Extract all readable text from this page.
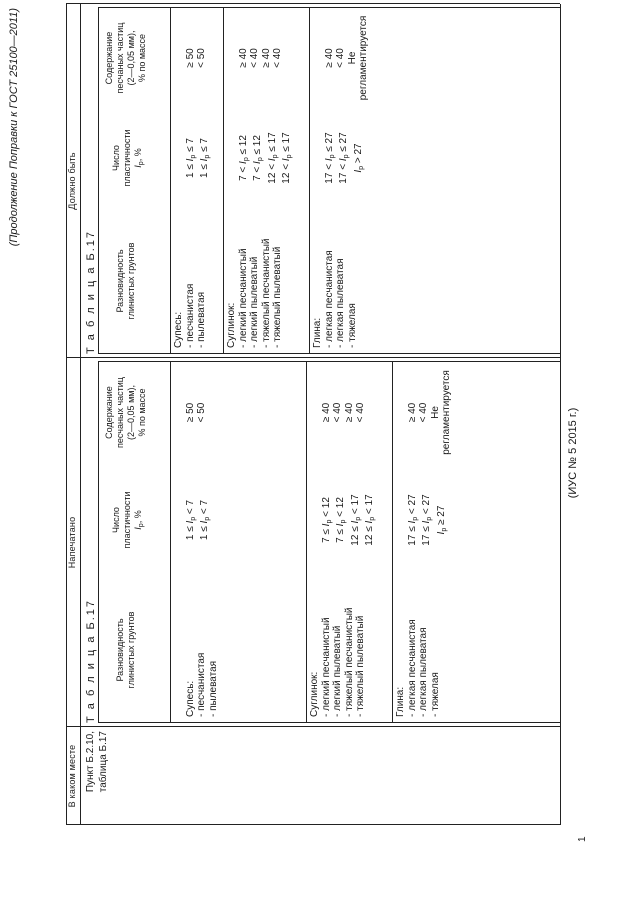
(Продолжение Поправки к ГОСТ 25100—2011)
В каком месте
Напечатано
Должно быть
Пункт Б.2.10,
таблица Б.17
Т а б л и ц а Б.17 Разновидность
глинистых грунтов
Число
пластичности
$I_p$, %
Содержание
песчаных частиц
(2—0,05 мм),
% по массе

Супесь:
- песчанистая
- пылеватая

$1 \le I_p < 7$
$1 \le I_p < 7$

≥ 50
< 50
Суглинок:
- легкий песчанистый
- легкий пылеватый
- тяжелый песчанистый
- тяжелый пылеватый

$7 \le I_p < 12$
$7 \le I_p < 12$
$12 \le I_p < 17$
$12 \le I_p < 17$

≥ 40
< 40
≥ 40
< 40
Глина:
- легкая песчанистая
- легкая пылеватая
- тяжелая

$17 \le I_p < 27$
$17 \le I_p < 27$
$I_p \ge 27$

≥ 40
< 40
Не
регламентируется
Т а б л и ц а Б.17 Разновидность
глинистых грунтов
Число
пластичности
$I_p$, %
Содержание
песчаных частиц
(2—0,05 мм),
% по массе
Супесь:
- песчанистая
- пылеватая

$1 \le I_p \le 7$
$1 \le I_p \le 7$

≥ 50
< 50
Суглинок:
- легкий песчанистый
- легкий пылеватый
- тяжелый песчанистый
- тяжелый пылеватый

$7 < I_p \le 12$
$7 < I_p \le 12$
$12 < I_p \le 17$
$12 < I_p \le 17$

≥ 40
< 40
≥ 40
< 40
Глина:
- легкая песчанистая
- легкая пылеватая
- тяжелая

$17 < I_p \le 27$
$17 < I_p \le 27$
$I_p > 27$

≥ 40
< 40
Не
регламентируется
(ИУС № 5 2015 г.)
1
